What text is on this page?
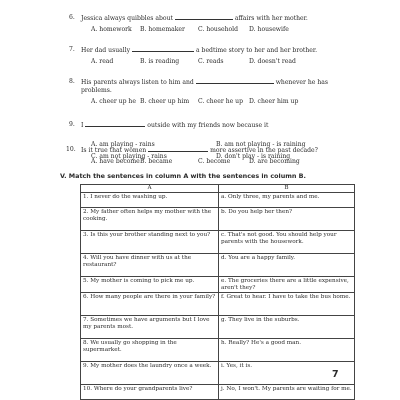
6. Jessica always quibbles about	affairs with her mother.
A. homework B. homemaker C. household D. housewife
7. Her dad usually	a bedtime story to her and her brother.
A. read	B. is reading	C. reads	D. doesn't read
8. His parents always listen to him and	whenever he has
problems.
A. cheer up he B. cheer up him C. cheer he up D. cheer him up
9. I	outside with my friends now because it
A. am playing - rains	B. am not playing - is raining
C. am not playing - rains	D. don't play - is raining
10. Is it true that women	more assertive in the past decade?
A. have become B. became	C. become	D. are becoming
V. Match the sentences in column A with the sentences in column B.
A	B
1. I never do the washing up.	a. Only three, my parents and me.
2. My father often helps my mother with the cooking.	b. Do you help her then?
3. Is this your brother standing next to you?	c. That's not good. You should help your parents with the housework.
4. Will you have dinner with us at the restaurant?	d. You are a happy family.
5. My mother is coming to pick me up.	e. The groceries there are a little expensive, aren't they?
6. How many people are there in your family?	f. Great to hear. I have to take the bus home.
7. Sometimes we have arguments but I love my parents most.	g. They live in the suburbs.
8. We usually go shopping in the supermarket.	h. Really? He's a good man.
9. My mother does the laundry once a week.	i. Yes, it is.
10. Where do your grandparents live?	j. No, I won't. My parents are waiting for me.
7
